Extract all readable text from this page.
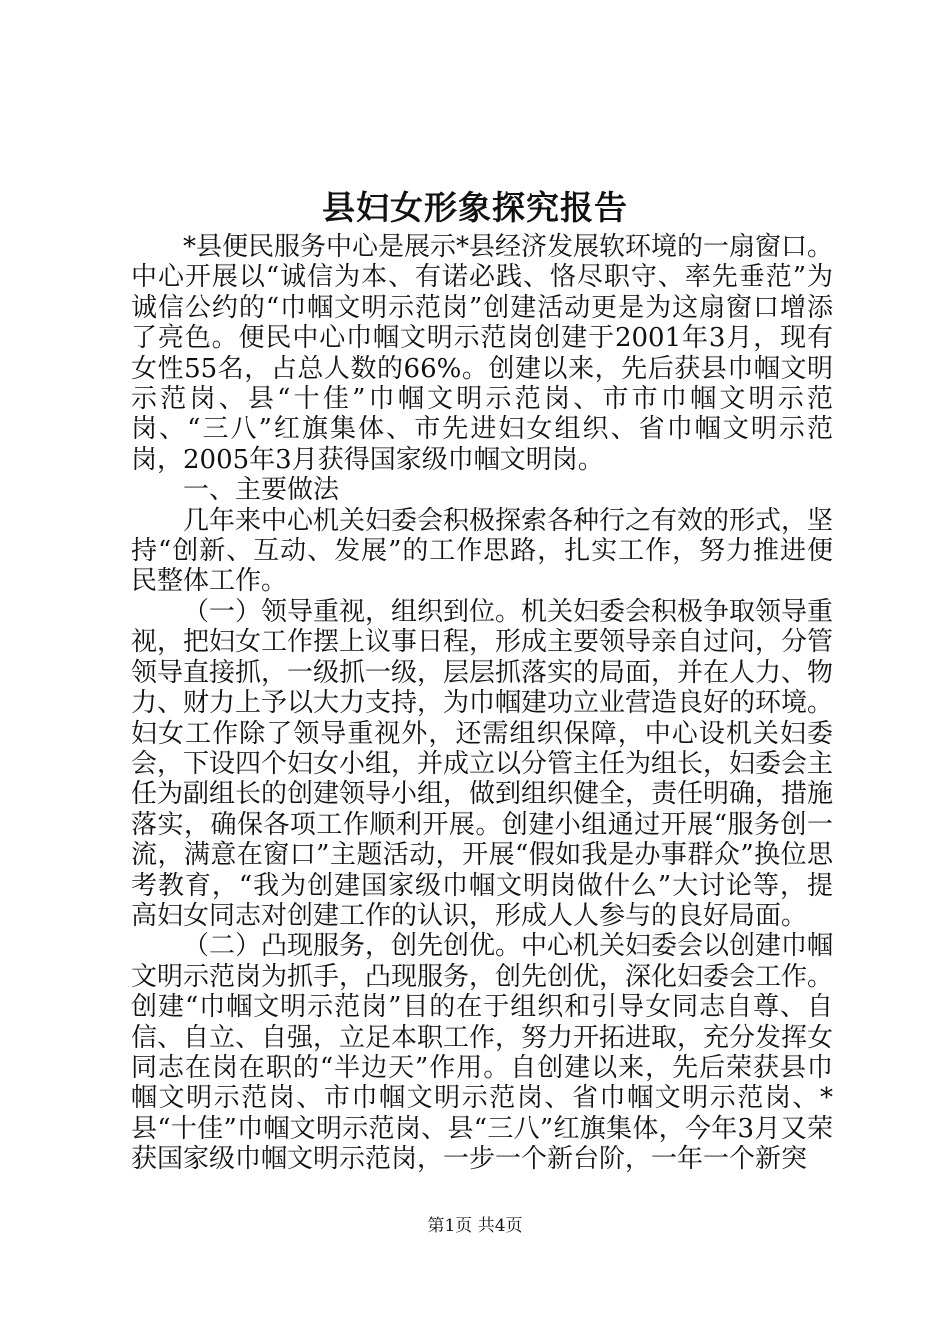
县妇女形象探究报告

*县便民服务中心是展示*县经济发展软环境的一扇窗口。中心开展以“诚信为本、有诺必践、恪尽职守、率先垂范”为诚信公约的“巾帼文明示范岗”创建活动更是为这扇窗口增添了亮色。便民中心巾帼文明示范岗创建于2001年3月，现有女性55名，占总人数的66%。创建以来，先后获县巾帼文明示范岗、县“十佳”巾帼文明示范岗、市市巾帼文明示范岗、“三八”红旗集体、市先进妇女组织、省巾帼文明示范岗，2005年3月获得国家级巾帼文明岗。

一、主要做法

几年来中心机关妇委会积极探索各种行之有效的形式，坚持“创新、互动、发展”的工作思路，扎实工作，努力推进便民整体工作。

（一）领导重视，组织到位。机关妇委会积极争取领导重视，把妇女工作摆上议事日程，形成主要领导亲自过问，分管领导直接抓，一级抓一级，层层抓落实的局面，并在人力、物力、财力上予以大力支持，为巾帼建功立业营造良好的环境。妇女工作除了领导重视外，还需组织保障，中心设机关妇委会，下设四个妇女小组，并成立以分管主任为组长，妇委会主任为副组长的创建领导小组，做到组织健全，责任明确，措施落实，确保各项工作顺利开展。创建小组通过开展“服务创一流，满意在窗口”主题活动，开展“假如我是办事群众”换位思考教育，“我为创建国家级巾帼文明岗做什么”大讨论等，提高妇女同志对创建工作的认识，形成人人参与的良好局面。

（二）凸现服务，创先创优。中心机关妇委会以创建巾帼文明示范岗为抓手，凸现服务，创先创优，深化妇委会工作。创建“巾帼文明示范岗”目的在于组织和引导女同志自尊、自信、自立、自强，立足本职工作，努力开拓进取，充分发挥女同志在岗在职的“半边天”作用。自创建以来，先后荣获县巾帼文明示范岗、市巾帼文明示范岗、省巾帼文明示范岗、*县“十佳”巾帼文明示范岗、县“三八”红旗集体，今年3月又荣获国家级巾帼文明示范岗，一步一个新台阶，一年一个新突

第1页 共4页
